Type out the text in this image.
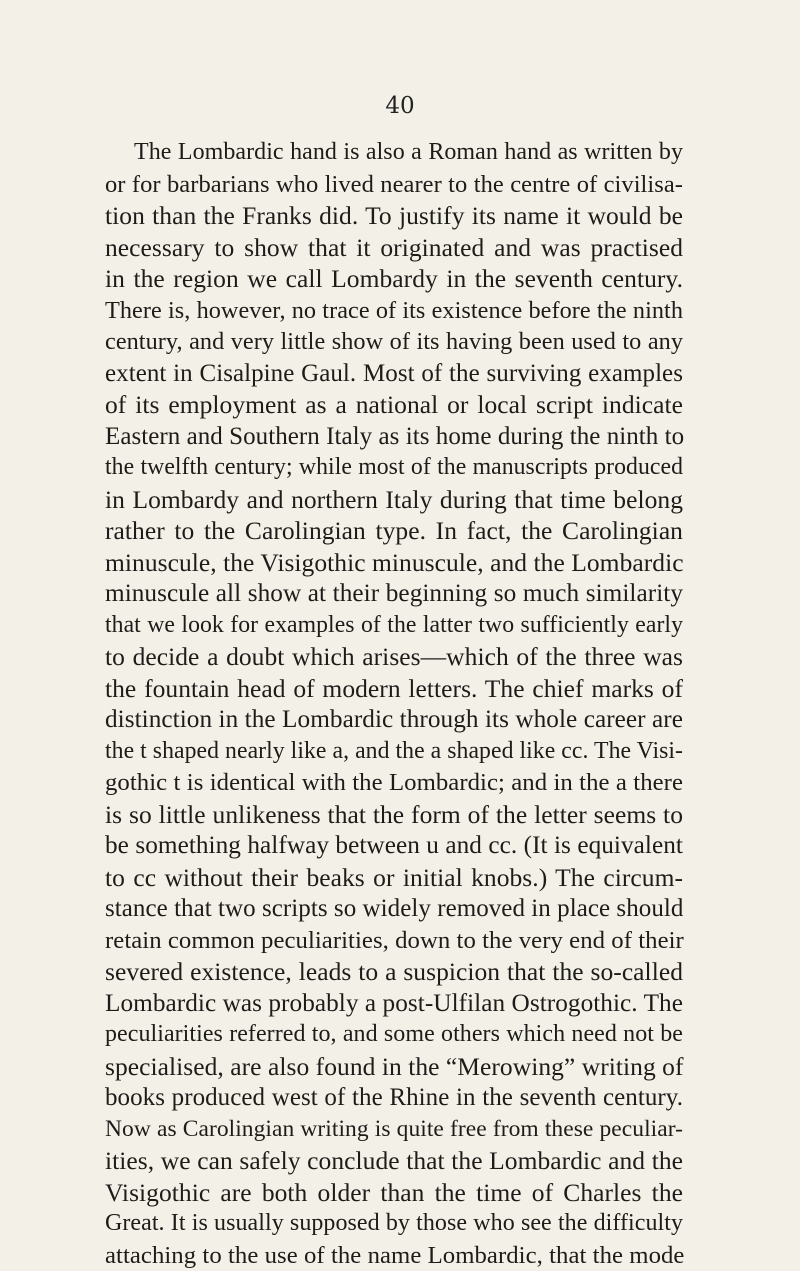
40
The Lombardic hand is also a Roman hand as written by
or for barbarians who lived nearer to the centre of civilisa-
tion than the Franks did. To justify its name it would be
necessary to show that it originated and was practised
in the region we call Lombardy in the seventh century.
There is, however, no trace of its existence before the ninth
century, and very little show of its having been used to any
extent in Cisalpine Gaul. Most of the surviving examples
of its employment as a national or local script indicate
Eastern and Southern Italy as its home during the ninth to
the twelfth century; while most of the manuscripts produced
in Lombardy and northern Italy during that time belong
rather to the Carolingian type. In fact, the Carolingian
minuscule, the Visigothic minuscule, and the Lombardic
minuscule all show at their beginning so much similarity
that we look for examples of the latter two sufficiently early
to decide a doubt which arises—which of the three was
the fountain head of modern letters. The chief marks of
distinction in the Lombardic through its whole career are
the t shaped nearly like a, and the a shaped like cc. The Visi-
gothic t is identical with the Lombardic; and in the a there
is so little unlikeness that the form of the letter seems to
be something halfway between u and cc. (It is equivalent
to cc without their beaks or initial knobs.) The circum-
stance that two scripts so widely removed in place should
retain common peculiarities, down to the very end of their
severed existence, leads to a suspicion that the so-called
Lombardic was probably a post-Ulfilan Ostrogothic. The
peculiarities referred to, and some others which need not be
specialised, are also found in the “Merowing” writing of
books produced west of the Rhine in the seventh century.
Now as Carolingian writing is quite free from these peculiar-
ities, we can safely conclude that the Lombardic and the
Visigothic are both older than the time of Charles the
Great. It is usually supposed by those who see the difficulty
attaching to the use of the name Lombardic, that the mode
